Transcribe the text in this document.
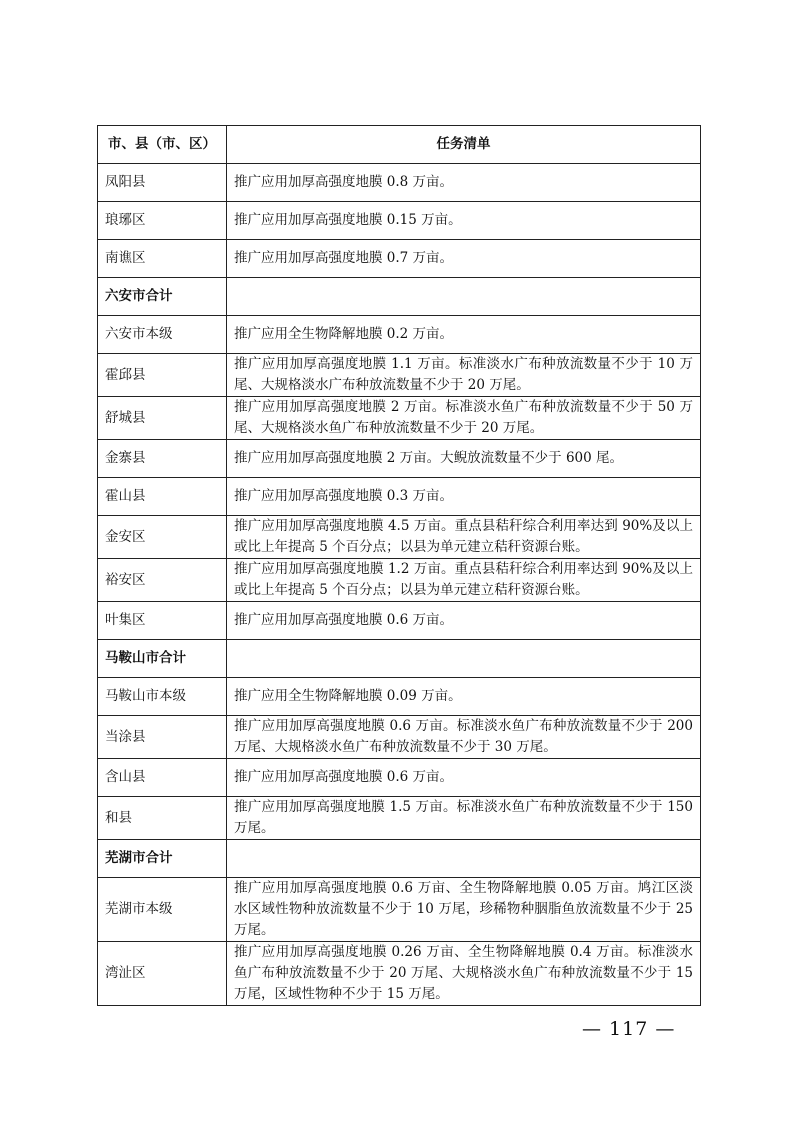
市、县（市、区）	任务清单
凤阳县	推广应用加厚高强度地膜 0.8 万亩。
琅琊区	推广应用加厚高强度地膜 0.15 万亩。
南谯区	推广应用加厚高强度地膜 0.7 万亩。
六安市合计	
六安市本级	推广应用全生物降解地膜 0.2 万亩。
霍邱县	推广应用加厚高强度地膜 1.1 万亩。标准淡水广布种放流数量不少于 10 万尾、大规格淡水广布种放流数量不少于 20 万尾。
舒城县	推广应用加厚高强度地膜 2 万亩。标准淡水鱼广布种放流数量不少于 50 万尾、大规格淡水鱼广布种放流数量不少于 20 万尾。
金寨县	推广应用加厚高强度地膜 2 万亩。大鲵放流数量不少于 600 尾。
霍山县	推广应用加厚高强度地膜 0.3 万亩。
金安区	推广应用加厚高强度地膜 4.5 万亩。重点县秸秆综合利用率达到 90%及以上或比上年提高 5 个百分点；以县为单元建立秸秆资源台账。
裕安区	推广应用加厚高强度地膜 1.2 万亩。重点县秸秆综合利用率达到 90%及以上或比上年提高 5 个百分点；以县为单元建立秸秆资源台账。
叶集区	推广应用加厚高强度地膜 0.6 万亩。
马鞍山市合计	
马鞍山市本级	推广应用全生物降解地膜 0.09 万亩。
当涂县	推广应用加厚高强度地膜 0.6 万亩。标准淡水鱼广布种放流数量不少于 200 万尾、大规格淡水鱼广布种放流数量不少于 30 万尾。
含山县	推广应用加厚高强度地膜 0.6 万亩。
和县	推广应用加厚高强度地膜 1.5 万亩。标准淡水鱼广布种放流数量不少于 150 万尾。
芜湖市合计	
芜湖市本级	推广应用加厚高强度地膜 0.6 万亩、全生物降解地膜 0.05 万亩。鸠江区淡水区域性物种放流数量不少于 10 万尾，珍稀物种胭脂鱼放流数量不少于 25 万尾。
湾沚区	推广应用加厚高强度地膜 0.26 万亩、全生物降解地膜 0.4 万亩。标准淡水鱼广布种放流数量不少于 20 万尾、大规格淡水鱼广布种放流数量不少于 15 万尾，区域性物种不少于 15 万尾。
— 117 —
